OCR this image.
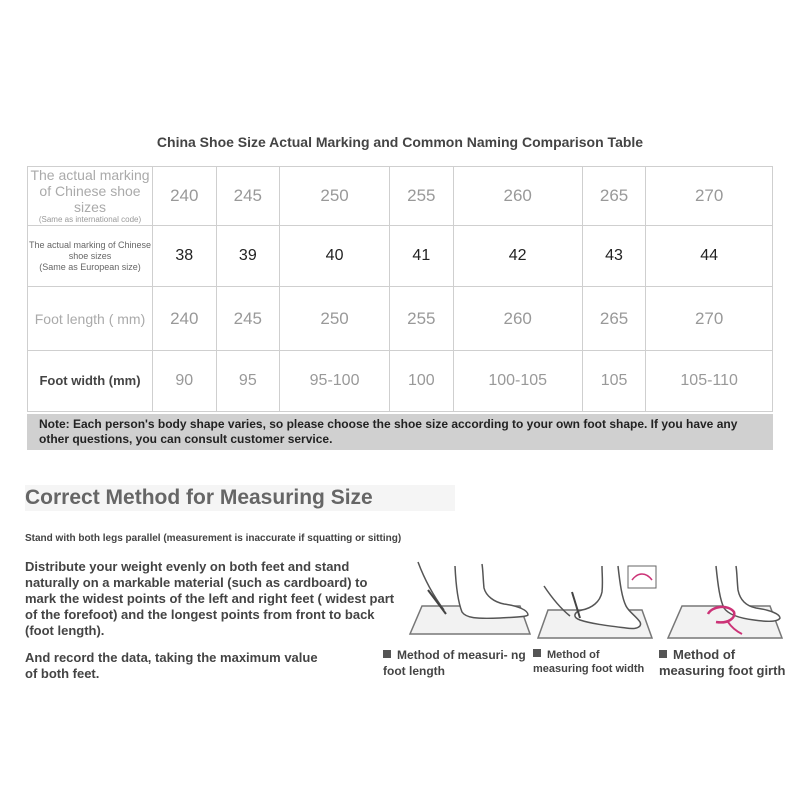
China Shoe Size Actual Marking and Common Naming Comparison Table
The actual marking of Chinese shoe sizes
(Same as international code)	240	245	250	255	260	265	270

The actual marking of Chinese shoe sizes
(Same as European size)	38	39	40	41	42	43	44

Foot length ( mm)	240	245	250	255	260	265	270
Foot width (mm)	90	95	95-100	100	100-105	105	105-110
Note: Each person's body shape varies, so please choose the shoe size according to your own foot shape. If you have any other questions, you can consult customer service.
Correct Method for Measuring Size
Stand with both legs parallel (measurement is inaccurate if squatting or sitting)

Distribute your weight evenly on both feet and stand naturally on a markable material (such as cardboard) to mark the widest points of the left and right feet ( widest part of the forefoot) and the longest points from front to back (foot length).

And record the data, taking the maximum value of both feet.

Method of measuri- ng foot length
Method of measuring foot width
Method of measuring foot girth
